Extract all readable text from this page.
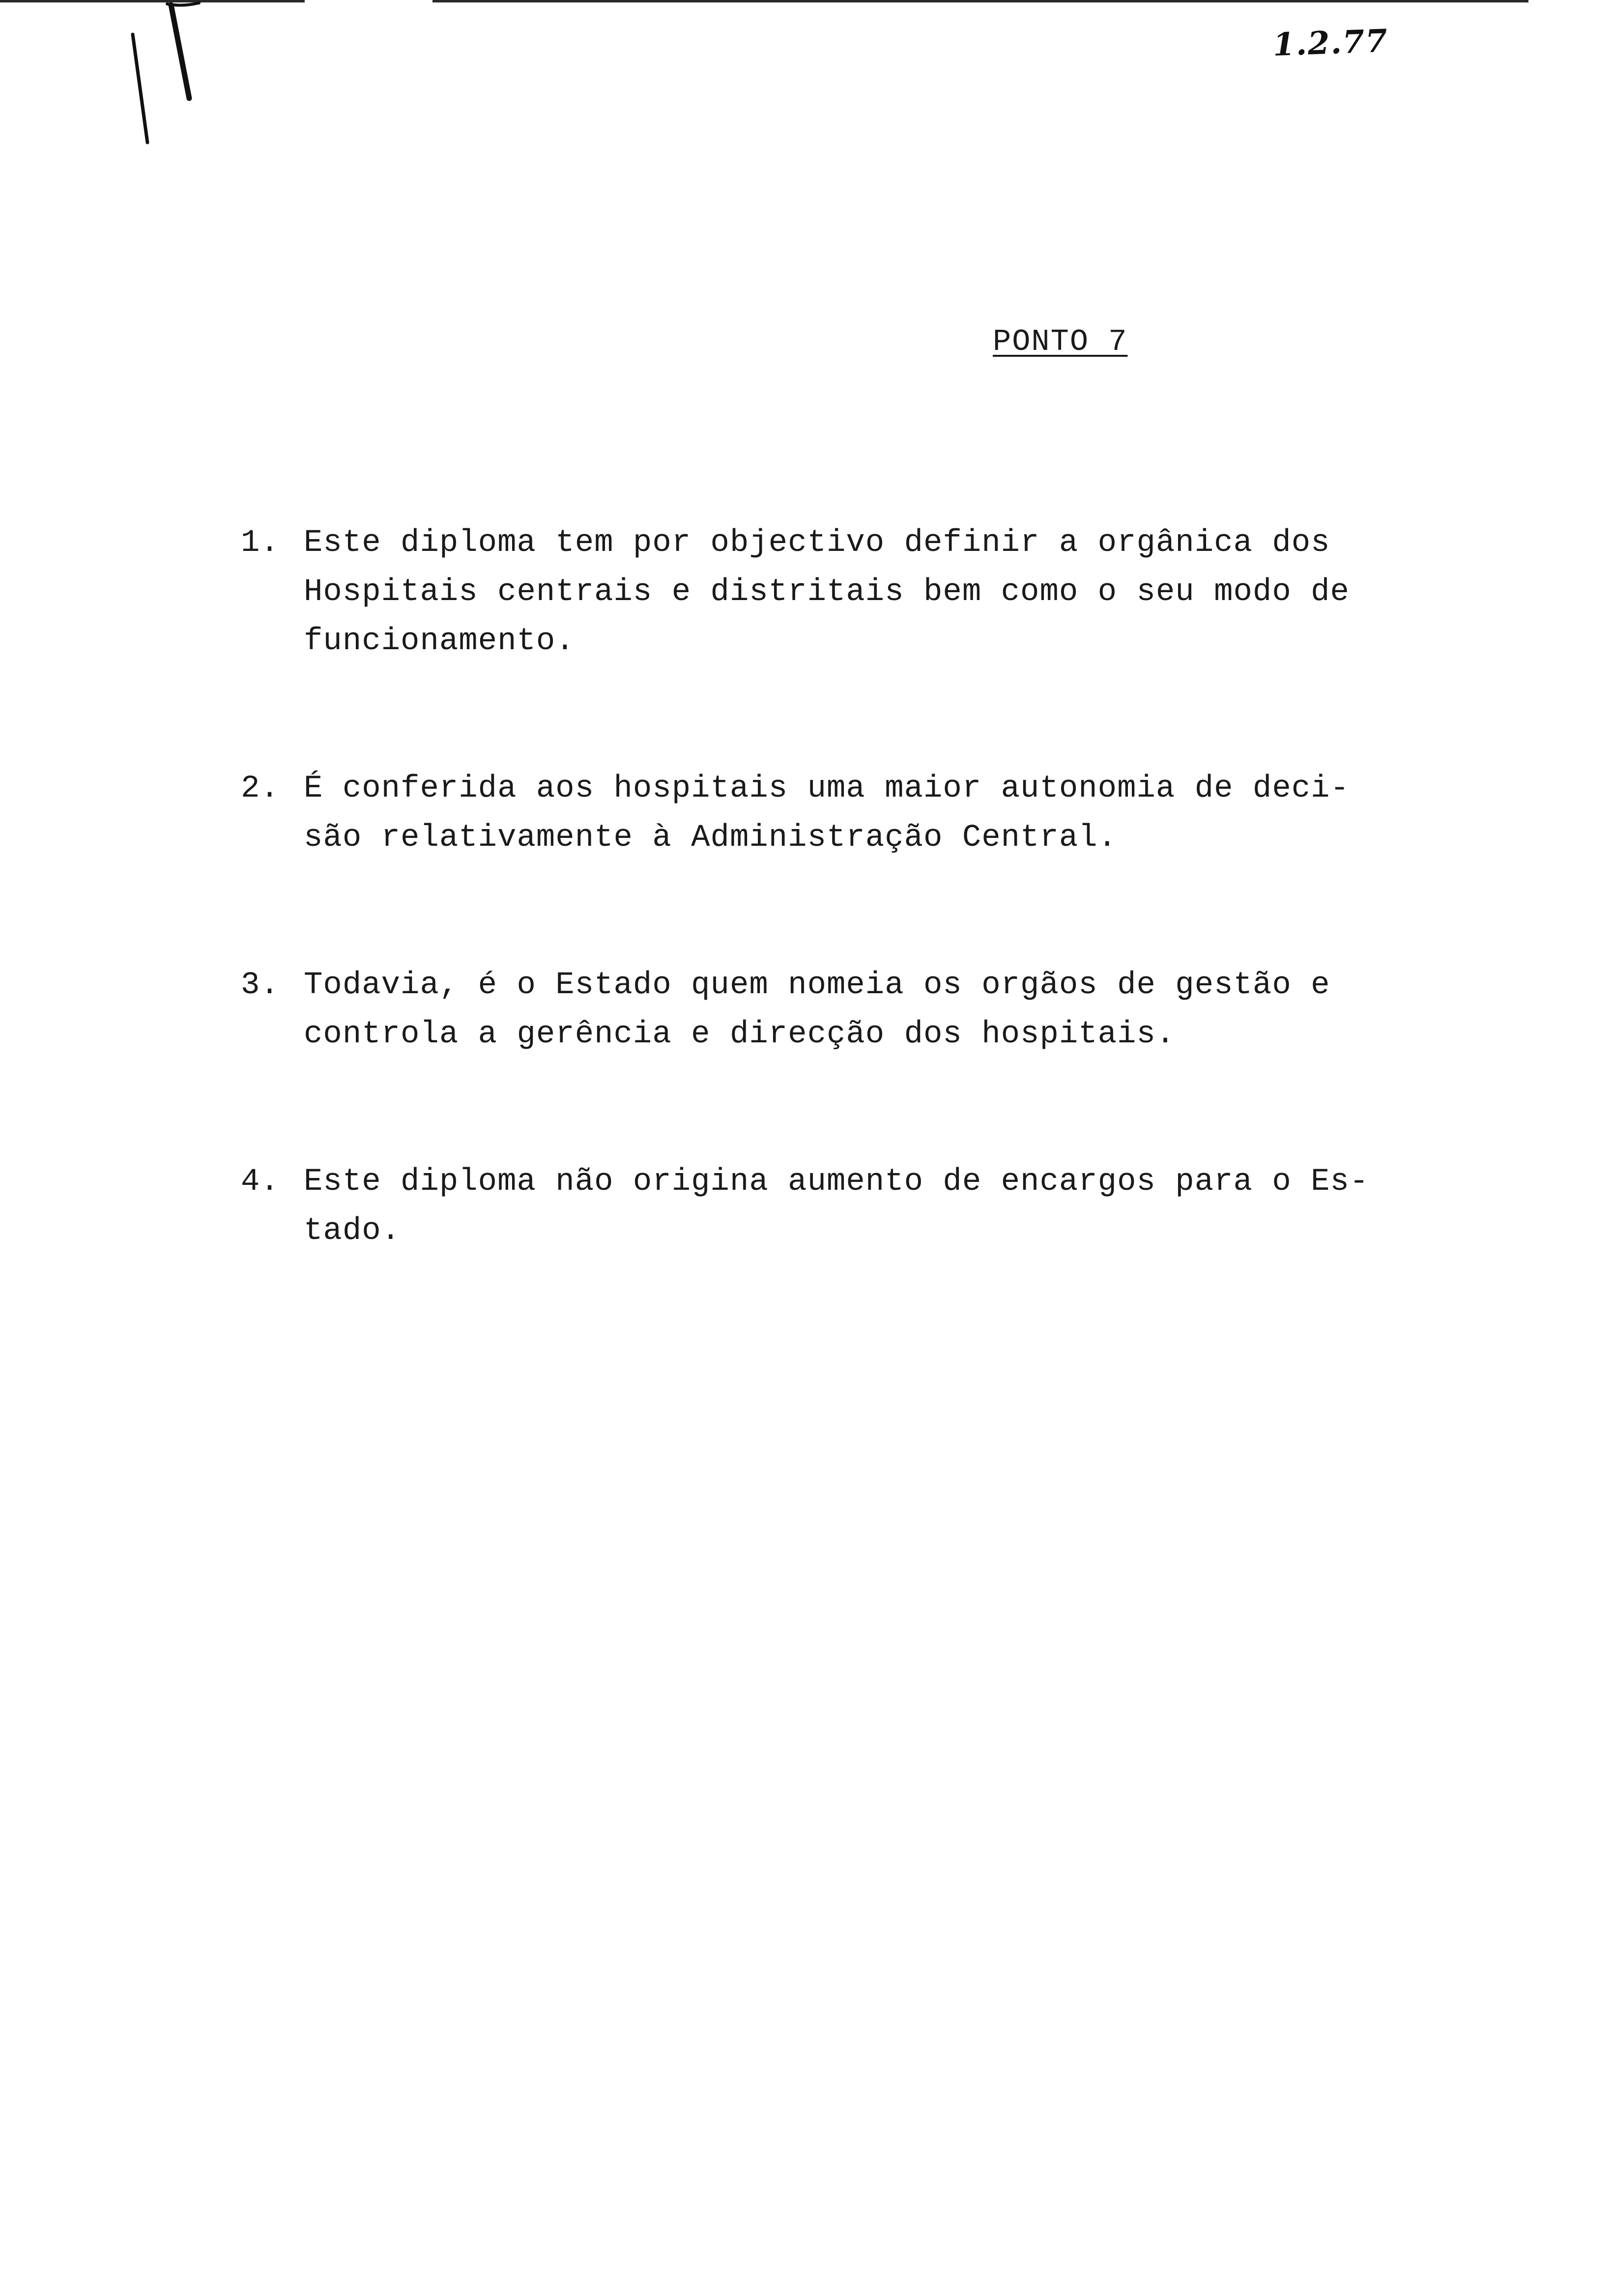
1.2.77
PONTO 7
1. Este diploma tem por objectivo definir a orgânica dos
Hospitais centrais e distritais bem como o seu modo de
funcionamento.
2. É conferida aos hospitais uma maior autonomia de deci-
são relativamente à Administração Central.
3. Todavia, é o Estado quem nomeia os orgãos de gestão e
controla a gerência e direcção dos hospitais.
4. Este diploma não origina aumento de encargos para o Es-
tado.
